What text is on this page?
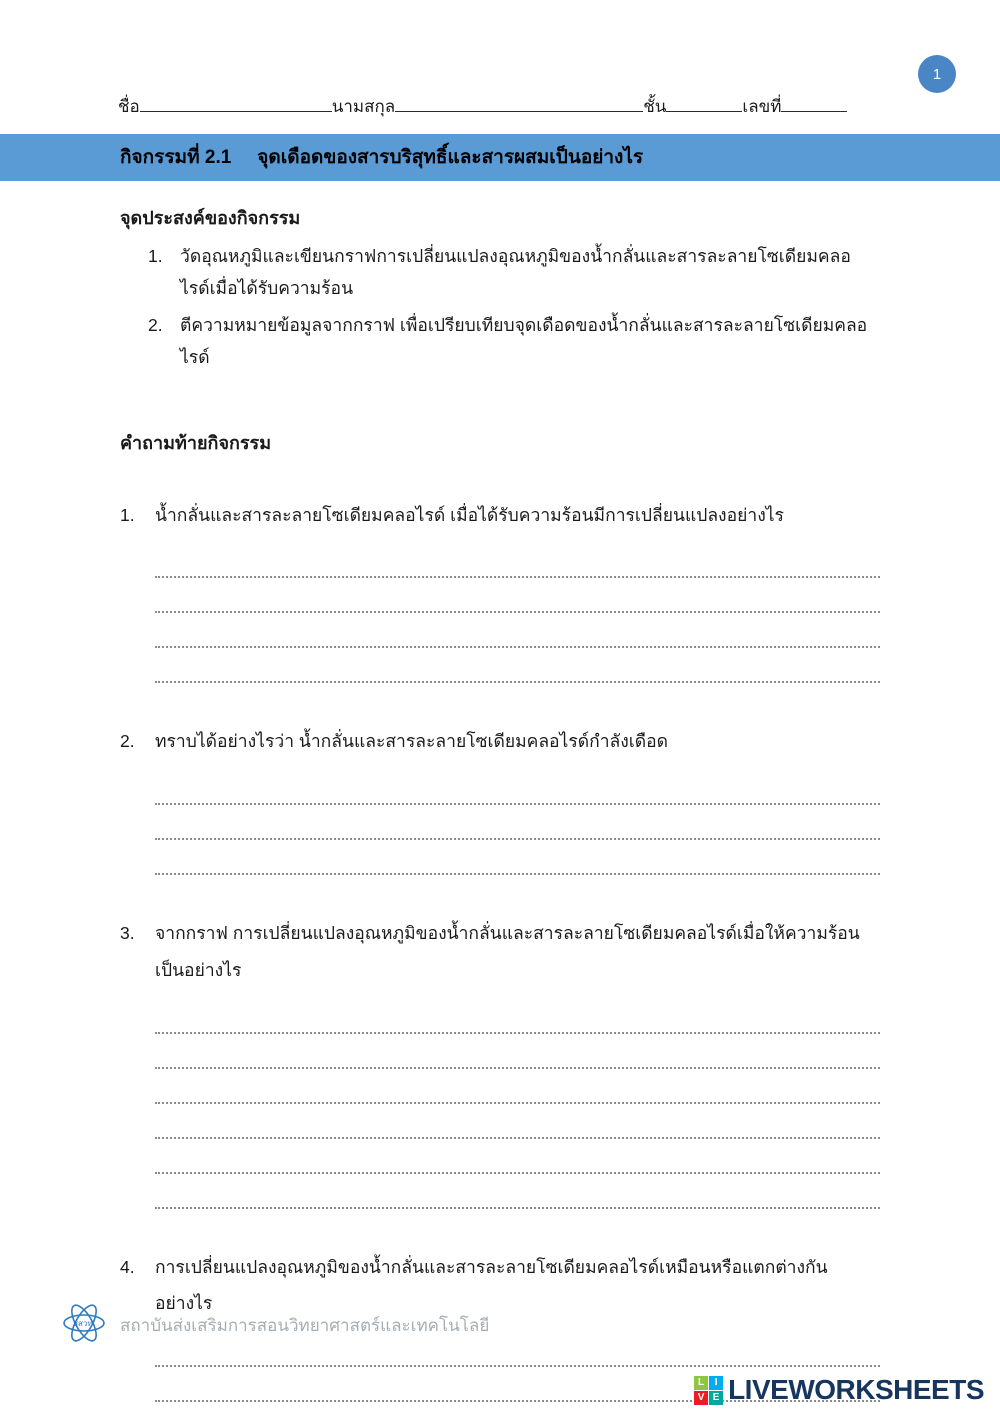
1
ชื่อ	นามสกุล	ชั้น	เลขที่
กิจกรรมที่ 2.1 จุดเดือดของสารบริสุทธิ์และสารผสมเป็นอย่างไร
จุดประสงค์ของกิจกรรม
1. วัดอุณหภูมิและเขียนกราฟการเปลี่ยนแปลงอุณหภูมิของน้ำกลั่นและสารละลายโซเดียมคลอไรด์เมื่อได้รับความร้อน
2. ตีความหมายข้อมูลจากกราฟ เพื่อเปรียบเทียบจุดเดือดของน้ำกลั่นและสารละลายโซเดียมคลอไรด์
คำถามท้ายกิจกรรม
1.	น้ำกลั่นและสารละลายโซเดียมคลอไรด์ เมื่อได้รับความร้อนมีการเปลี่ยนแปลงอย่างไร
2.	ทราบได้อย่างไรว่า น้ำกลั่นและสารละลายโซเดียมคลอไรด์กำลังเดือด
3.	จากกราฟ การเปลี่ยนแปลงอุณหภูมิของน้ำกลั่นและสารละลายโซเดียมคลอไรด์เมื่อให้ความร้อนเป็นอย่างไร
4.	การเปลี่ยนแปลงอุณหภูมิของน้ำกลั่นและสารละลายโซเดียมคลอไรด์เหมือนหรือแตกต่างกันอย่างไร
สสวท. สถาบันส่งเสริมการสอนวิทยาศาสตร์และเทคโนโลยี
L	I
V E LIVEWORKSHEETS
